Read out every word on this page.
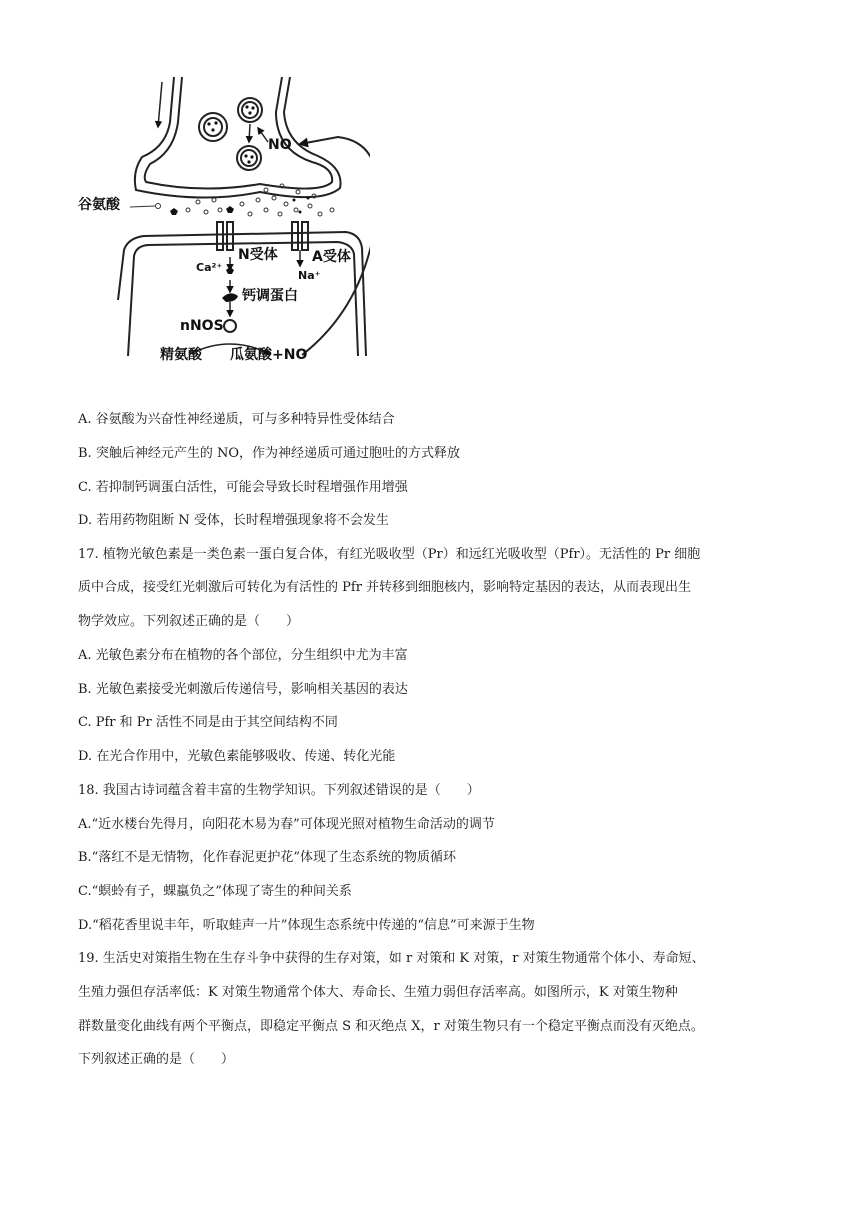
谷氨酸
NO
N受体 A受体
Ca²⁺
Na⁺
钙调蛋白
nNOS
精氨酸 瓜氨酸+NO
A. 谷氨酸为兴奋性神经递质，可与多种特异性受体结合
B. 突触后神经元产生的 NO，作为神经递质可通过胞吐的方式释放
C. 若抑制钙调蛋白活性，可能会导致长时程增强作用增强
D. 若用药物阻断 N 受体，长时程增强现象将不会发生
17. 植物光敏色素是一类色素一蛋白复合体，有红光吸收型（Pr）和远红光吸收型（Pfr）。无活性的 Pr 细胞
质中合成，接受红光刺激后可转化为有活性的 Pfr 并转移到细胞核内，影响特定基因的表达，从而表现出生
物学效应。下列叙述正确的是（　　）
A. 光敏色素分布在植物的各个部位，分生组织中尤为丰富
B. 光敏色素接受光刺激后传递信号，影响相关基因的表达
C. Pfr 和 Pr 活性不同是由于其空间结构不同
D. 在光合作用中，光敏色素能够吸收、传递、转化光能
18. 我国古诗词蕴含着丰富的生物学知识。下列叙述错误的是（　　）
A.“近水楼台先得月，向阳花木易为春”可体现光照对植物生命活动的调节
B.“落红不是无情物，化作春泥更护花”体现了生态系统的物质循环
C.“螟蛉有子，蜾蠃负之”体现了寄生的种间关系
D.“稻花香里说丰年，听取蛙声一片”体现生态系统中传递的“信息”可来源于生物
19. 生活史对策指生物在生存斗争中获得的生存对策，如 r 对策和 K 对策，r 对策生物通常个体小、寿命短、
生殖力强但存活率低：K 对策生物通常个体大、寿命长、生殖力弱但存活率高。如图所示，K 对策生物种
群数量变化曲线有两个平衡点，即稳定平衡点 S 和灭绝点 X，r 对策生物只有一个稳定平衡点而没有灭绝点。
下列叙述正确的是（　　）
